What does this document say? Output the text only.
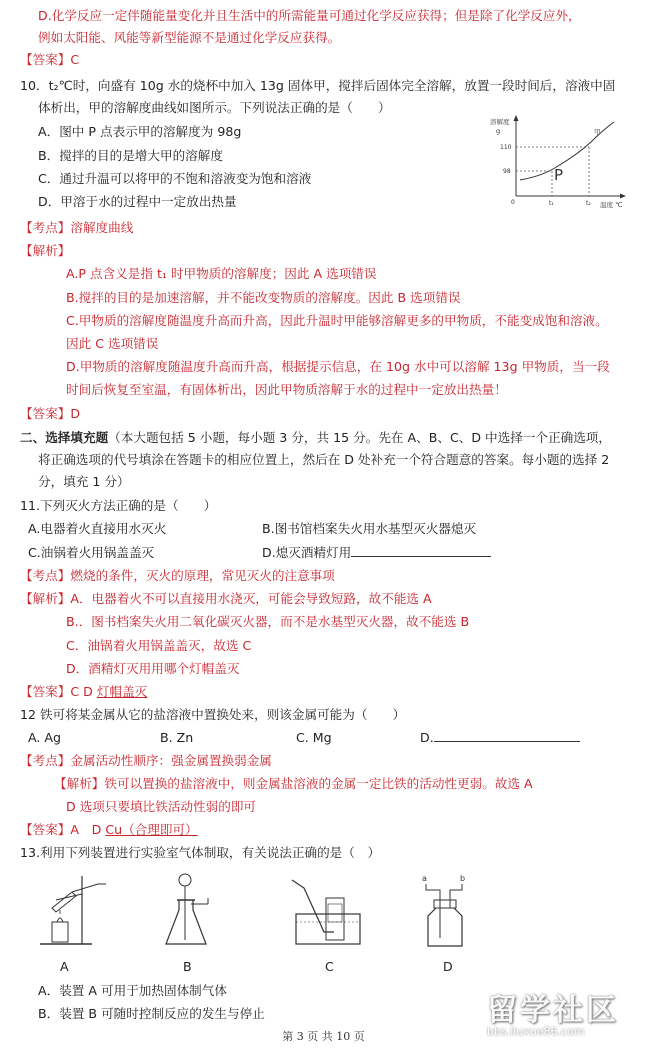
D.化学反应一定伴随能量变化并且生活中的所需能量可通过化学反应获得；但是除了化学反应外，
例如太阳能、风能等新型能源不是通过化学反应获得。
【答案】C
10．t₂℃时，向盛有 10g 水的烧杯中加入 13g 固体甲，搅拌后固体完全溶解，放置一段时间后，溶液中固
体析出，甲的溶解度曲线如图所示。下列说法正确的是（　　）
A．图中 P 点表示甲的溶解度为 98g
B．搅拌的目的是增大甲的溶解度
C．通过升温可以将甲的不饱和溶液变为饱和溶液
D．甲溶于水的过程中一定放出热量
溶解度
g
110
98
0	t₁	t₂ 温度 ℃
P
甲
【考点】溶解度曲线
【解析】
A.P 点含义是指 t₁ 时甲物质的溶解度；因此 A 选项错误
B.搅拌的目的是加速溶解，并不能改变物质的溶解度。因此 B 选项错误
C.甲物质的溶解度随温度升高而升高，因此升温时甲能够溶解更多的甲物质，不能变成饱和溶液。
因此 C 选项错误
D.甲物质的溶解度随温度升高而升高，根据提示信息，在 10g 水中可以溶解 13g 甲物质，当一段
时间后恢复至室温，有固体析出，因此甲物质溶解于水的过程中一定放出热量！
【答案】D
二、选择填充题（本大题包括 5 小题，每小题 3 分，共 15 分。先在 A、B、C、D 中选择一个正确选项，
将正确选项的代号填涂在答题卡的相应位置上，然后在 D 处补充一个符合题意的答案。每小题的选择 2
分，填充 1 分）
11.下列灭火方法正确的是（　　）
A.电器着火直接用水灭火	B.图书馆档案失火用水基型灭火器熄灭
C.油锅着火用锅盖盖灭	D.熄灭酒精灯用
【考点】燃烧的条件，灭火的原理，常见灭火的注意事项
【解析】A．电器着火不可以直接用水浇灭，可能会导致短路，故不能选 A
B.．图书档案失火用二氧化碳灭火器，而不是水基型灭火器，故不能选 B
C．油锅着火用锅盖盖灭，故选 C
D．酒精灯灭用用哪个灯帽盖灭
【答案】C D 灯帽盖灭
12 铁可将某金属从它的盐溶液中置换处来，则该金属可能为（　　）
A. Ag	B. Zn	C. Mg	D.
【考点】金属活动性顺序：强金属置换弱金属
【解析】铁可以置换的盐溶液中，则金属盐溶液的金属一定比铁的活动性更弱。故选 A
D 选项只要填比铁活动性弱的即可
【答案】A　D Cu（合理即可）
13.利用下列装置进行实验室气体制取，有关说法正确的是（　）
a	b
A	B	C	D
A．装置 A 可用于加热固体制气体
B．装置 B 可随时控制反应的发生与停止	留学社区
bbs.liuxue86.com
第 3 页 共 10 页
